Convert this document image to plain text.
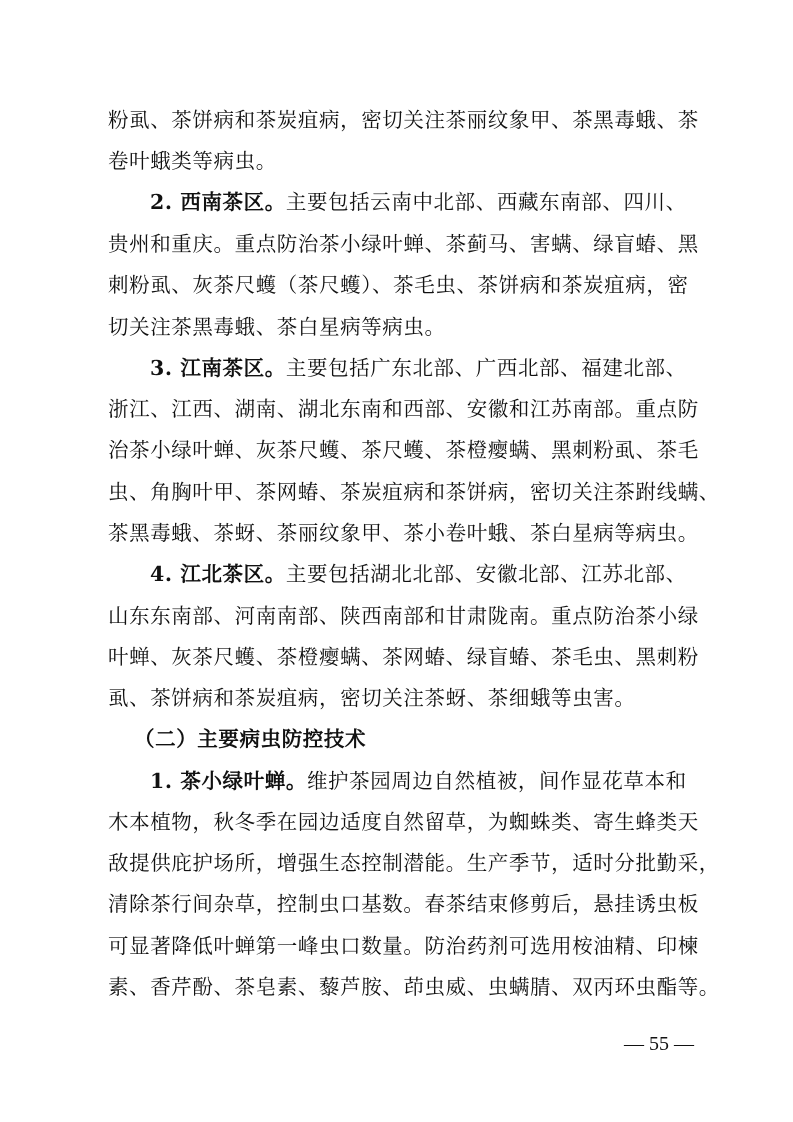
粉虱、茶饼病和茶炭疽病，密切关注茶丽纹象甲、茶黑毒蛾、茶
卷叶蛾类等病虫。
2. 西南茶区。主要包括云南中北部、西藏东南部、四川、
贵州和重庆。重点防治茶小绿叶蝉、茶蓟马、害螨、绿盲蝽、黑
刺粉虱、灰茶尺蠖（茶尺蠖）、茶毛虫、茶饼病和茶炭疽病，密
切关注茶黑毒蛾、茶白星病等病虫。
3. 江南茶区。主要包括广东北部、广西北部、福建北部、
浙江、江西、湖南、湖北东南和西部、安徽和江苏南部。重点防
治茶小绿叶蝉、灰茶尺蠖、茶尺蠖、茶橙瘿螨、黑刺粉虱、茶毛
虫、角胸叶甲、茶网蝽、茶炭疽病和茶饼病，密切关注茶跗线螨、
茶黑毒蛾、茶蚜、茶丽纹象甲、茶小卷叶蛾、茶白星病等病虫。
4. 江北茶区。主要包括湖北北部、安徽北部、江苏北部、
山东东南部、河南南部、陕西南部和甘肃陇南。重点防治茶小绿
叶蝉、灰茶尺蠖、茶橙瘿螨、茶网蝽、绿盲蝽、茶毛虫、黑刺粉
虱、茶饼病和茶炭疽病，密切关注茶蚜、茶细蛾等虫害。
（二）主要病虫防控技术
1. 茶小绿叶蝉。维护茶园周边自然植被，间作显花草本和
木本植物，秋冬季在园边适度自然留草，为蜘蛛类、寄生蜂类天
敌提供庇护场所，增强生态控制潜能。生产季节，适时分批勤采，
清除茶行间杂草，控制虫口基数。春茶结束修剪后，悬挂诱虫板
可显著降低叶蝉第一峰虫口数量。防治药剂可选用桉油精、印楝
素、香芹酚、茶皂素、藜芦胺、茚虫威、虫螨腈、双丙环虫酯等。
— 55 —
